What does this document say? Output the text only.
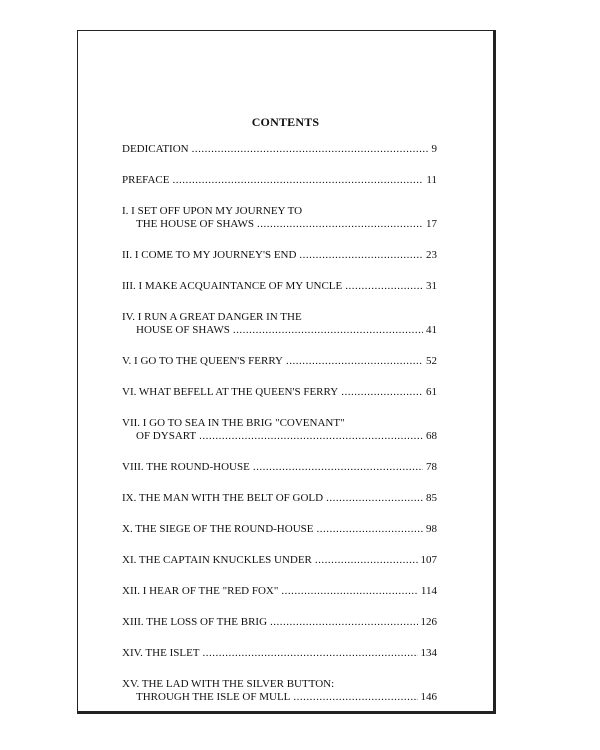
CONTENTS
DEDICATION .....	9
PREFACE .....	11
I. I SET OFF UPON MY JOURNEY TO
THE HOUSE OF SHAWS .....	17
II. I COME TO MY JOURNEY'S END .....	23
III. I MAKE ACQUAINTANCE OF MY UNCLE .....	31
IV. I RUN A GREAT DANGER IN THE
HOUSE OF SHAWS .....	41
V. I GO TO THE QUEEN'S FERRY .....	52
VI. WHAT BEFELL AT THE QUEEN'S FERRY .....	61
VII. I GO TO SEA IN THE BRIG "COVENANT"
OF DYSART .....	68
VIII. THE ROUND-HOUSE .....	78
IX. THE MAN WITH THE BELT OF GOLD .....	85
X. THE SIEGE OF THE ROUND-HOUSE .....	98
XI. THE CAPTAIN KNUCKLES UNDER .....	107
XII. I HEAR OF THE "RED FOX" .....	114
XIII. THE LOSS OF THE BRIG .....	126
XIV. THE ISLET .....	134
XV. THE LAD WITH THE SILVER BUTTON:
THROUGH THE ISLE OF MULL .....	146
